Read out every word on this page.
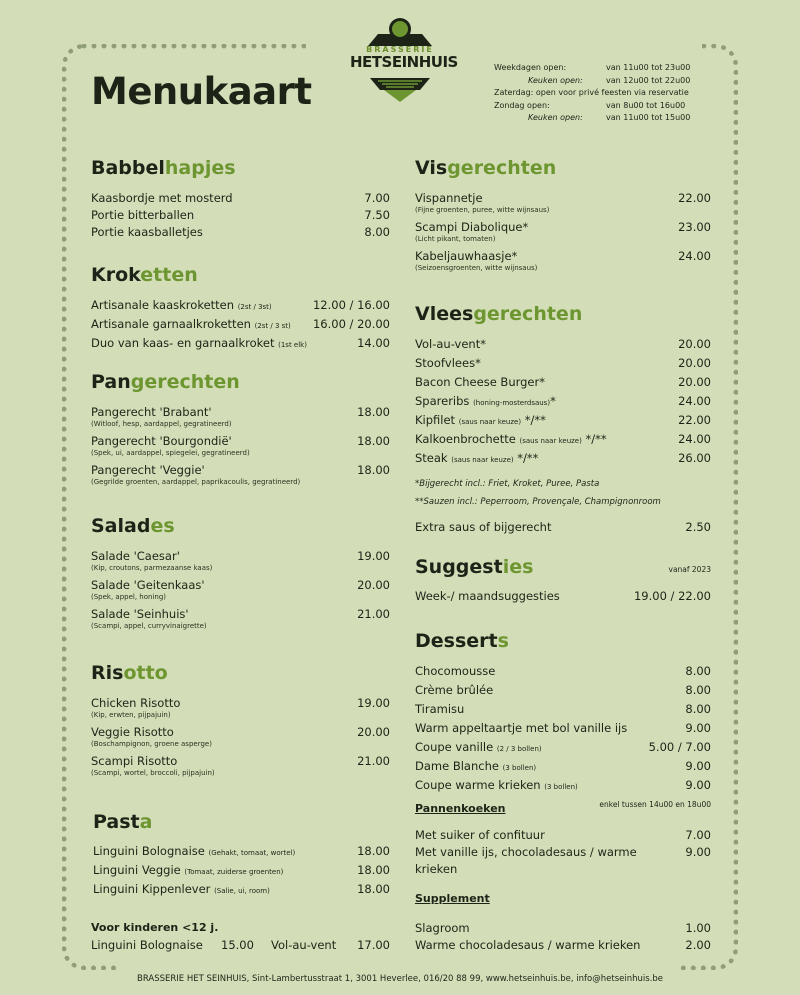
BRASSERIE
HETSEINHUIS
Menukaart
Weekdagen open:	van 11u00 tot 23u00
Keuken open:	van 12u00 tot 22u00
Zaterdag: open voor privé feesten via reservatie
Zondag open:	van 8u00 tot 16u00
Keuken open:	van 11u00 tot 15u00
Babbelhapjes
Kaasbordje met mosterd	7.00
Portie bitterballen	7.50
Portie kaasballetjes	8.00
Kroketten
Artisanale kaaskroketten (2st / 3st)	12.00 / 16.00
Artisanale garnaalkroketten (2st / 3 st) 16.00 / 20.00
Duo van kaas- en garnaalkroket (1st elk)	14.00
Pangerechten
Pangerecht 'Brabant'	18.00
(Witloof, hesp, aardappel, gegratineerd)
Pangerecht 'Bourgondië'	18.00
(Spek, ui, aardappel, spiegelei, gegratineerd)
Pangerecht 'Veggie'	18.00
(Gegrilde groenten, aardappel, paprikacoulis, gegratineerd)
Salades
Salade 'Caesar'	19.00
(Kip, croutons, parmezaanse kaas)
Salade 'Geitenkaas'	20.00
(Spek, appel, honing)
Salade 'Seinhuis'	21.00
(Scampi, appel, curryvinaigrette)
Risotto
Chicken Risotto	19.00
(Kip, erwten, pijpajuin)
Veggie Risotto	20.00
(Boschampignon, groene asperge)
Scampi Risotto	21.00
(Scampi, wortel, broccoli, pijpajuin)
Pasta
Linguini Bolognaise (Gehakt, tomaat, wortel)	18.00
Linguini Veggie (Tomaat, zuiderse groenten)	18.00
Linguini Kippenlever (Salie, ui, room)	18.00
Voor kinderen <12 j.
Linguini Bolognaise 15.00 Vol-au-vent 17.00
Visgerechten
Vispannetje	22.00
(Fijne groenten, puree, witte wijnsaus)
Scampi Diabolique*	23.00
(Licht pikant, tomaten)
Kabeljauwhaasje*	24.00
(Seizoensgroenten, witte wijnsaus)
Vleesgerechten
Vol-au-vent*	20.00
Stoofvlees*	20.00
Bacon Cheese Burger*	20.00
Spareribs (honing-mosterdsaus)*	24.00
Kipfilet (saus naar keuze) */**	22.00
Kalkoenbrochette (saus naar keuze) */**	24.00
Steak (saus naar keuze) */**	26.00
*Bijgerecht incl.: Friet, Kroket, Puree, Pasta
**Sauzen incl.: Peperroom, Provençale, Champignonroom
Extra saus of bijgerecht	2.50
Suggesties	vanaf 2023
Week-/ maandsuggesties	19.00 / 22.00
Desserts
Chocomousse	8.00
Crème brûlée	8.00
Tiramisu	8.00
Warm appeltaartje met bol vanille ijs	9.00
Coupe vanille (2 / 3 bollen)	5.00 / 7.00
Dame Blanche (3 bollen)	9.00
Coupe warme krieken (3 bollen)	9.00
Pannenkoeken	enkel tussen 14u00 en 18u00
Met suiker of confituur	7.00
Met vanille ijs, chocoladesaus / warme krieken
9.00
Supplement
Slagroom	1.00
Warme chocoladesaus / warme krieken	2.00
BRASSERIE HET SEINHUIS, Sint-Lambertusstraat 1, 3001 Heverlee, 016/20 88 99, www.hetseinhuis.be, info@hetseinhuis.be
